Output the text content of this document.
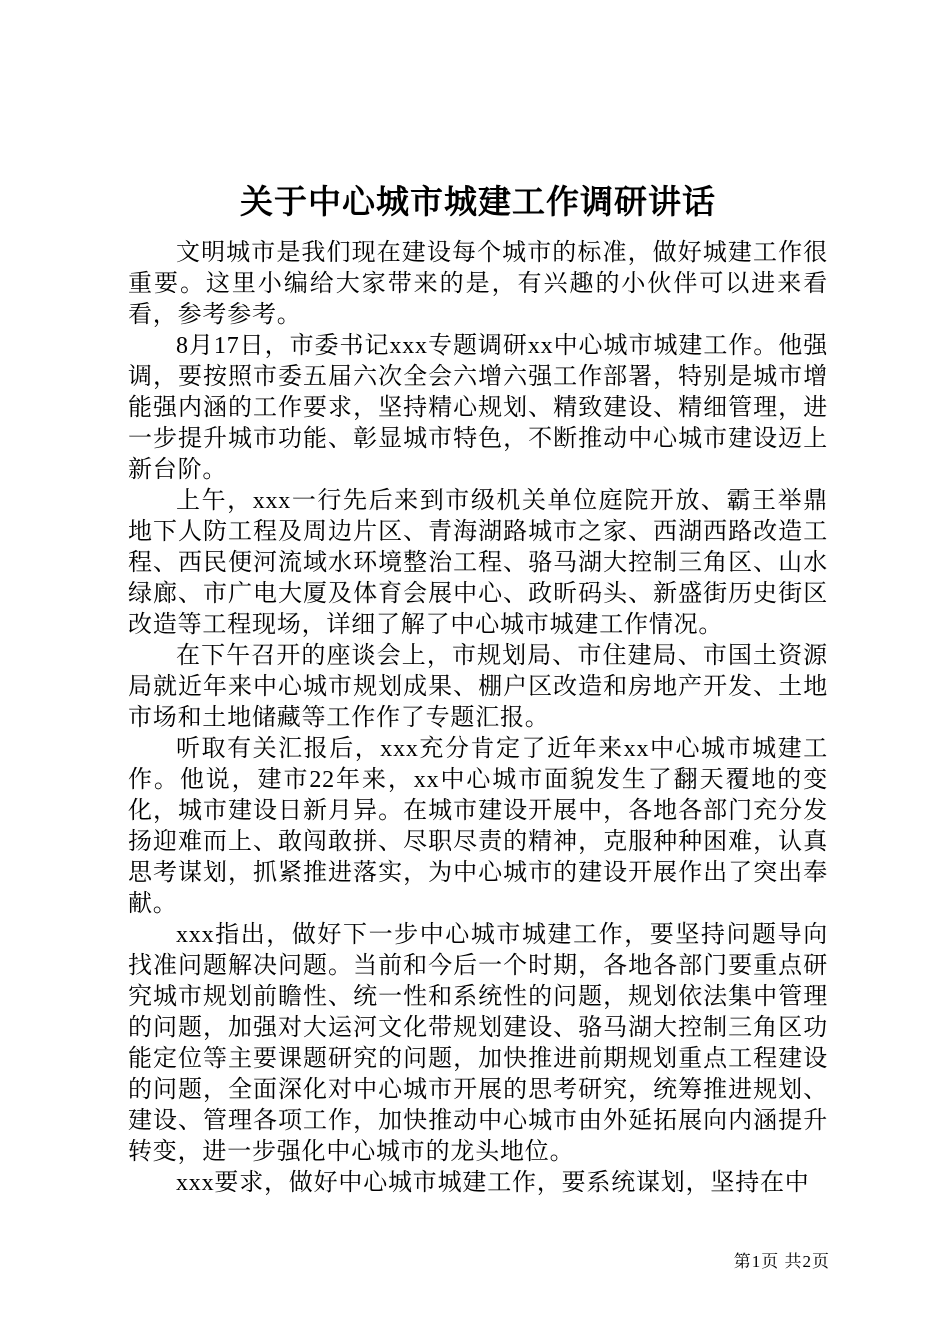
关于中心城市城建工作调研讲话

文明城市是我们现在建设每个城市的标准，做好城建工作很重要。这里小编给大家带来的是，有兴趣的小伙伴可以进来看看，参考参考。

8月17日，市委书记xxx专题调研xx中心城市城建工作。他强调，要按照市委五届六次全会六增六强工作部署，特别是城市增能强内涵的工作要求，坚持精心规划、精致建设、精细管理，进一步提升城市功能、彰显城市特色，不断推动中心城市建设迈上新台阶。

上午，xxx一行先后来到市级机关单位庭院开放、霸王举鼎地下人防工程及周边片区、青海湖路城市之家、西湖西路改造工程、西民便河流域水环境整治工程、骆马湖大控制三角区、山水绿廊、市广电大厦及体育会展中心、政昕码头、新盛街历史街区改造等工程现场，详细了解了中心城市城建工作情况。

在下午召开的座谈会上，市规划局、市住建局、市国土资源局就近年来中心城市规划成果、棚户区改造和房地产开发、土地市场和土地储藏等工作作了专题汇报。

听取有关汇报后，xxx充分肯定了近年来xx中心城市城建工作。他说，建市22年来，xx中心城市面貌发生了翻天覆地的变化，城市建设日新月异。在城市建设开展中，各地各部门充分发扬迎难而上、敢闯敢拼、尽职尽责的精神，克服种种困难，认真思考谋划，抓紧推进落实，为中心城市的建设开展作出了突出奉献。

xxx指出，做好下一步中心城市城建工作，要坚持问题导向找准问题解决问题。当前和今后一个时期，各地各部门要重点研究城市规划前瞻性、统一性和系统性的问题，规划依法集中管理的问题，加强对大运河文化带规划建设、骆马湖大控制三角区功能定位等主要课题研究的问题，加快推进前期规划重点工程建设的问题，全面深化对中心城市开展的思考研究，统筹推进规划、建设、管理各项工作，加快推动中心城市由外延拓展向内涵提升转变，进一步强化中心城市的龙头地位。

xxx要求，做好中心城市城建工作，要系统谋划，坚持在中

第1页 共2页
